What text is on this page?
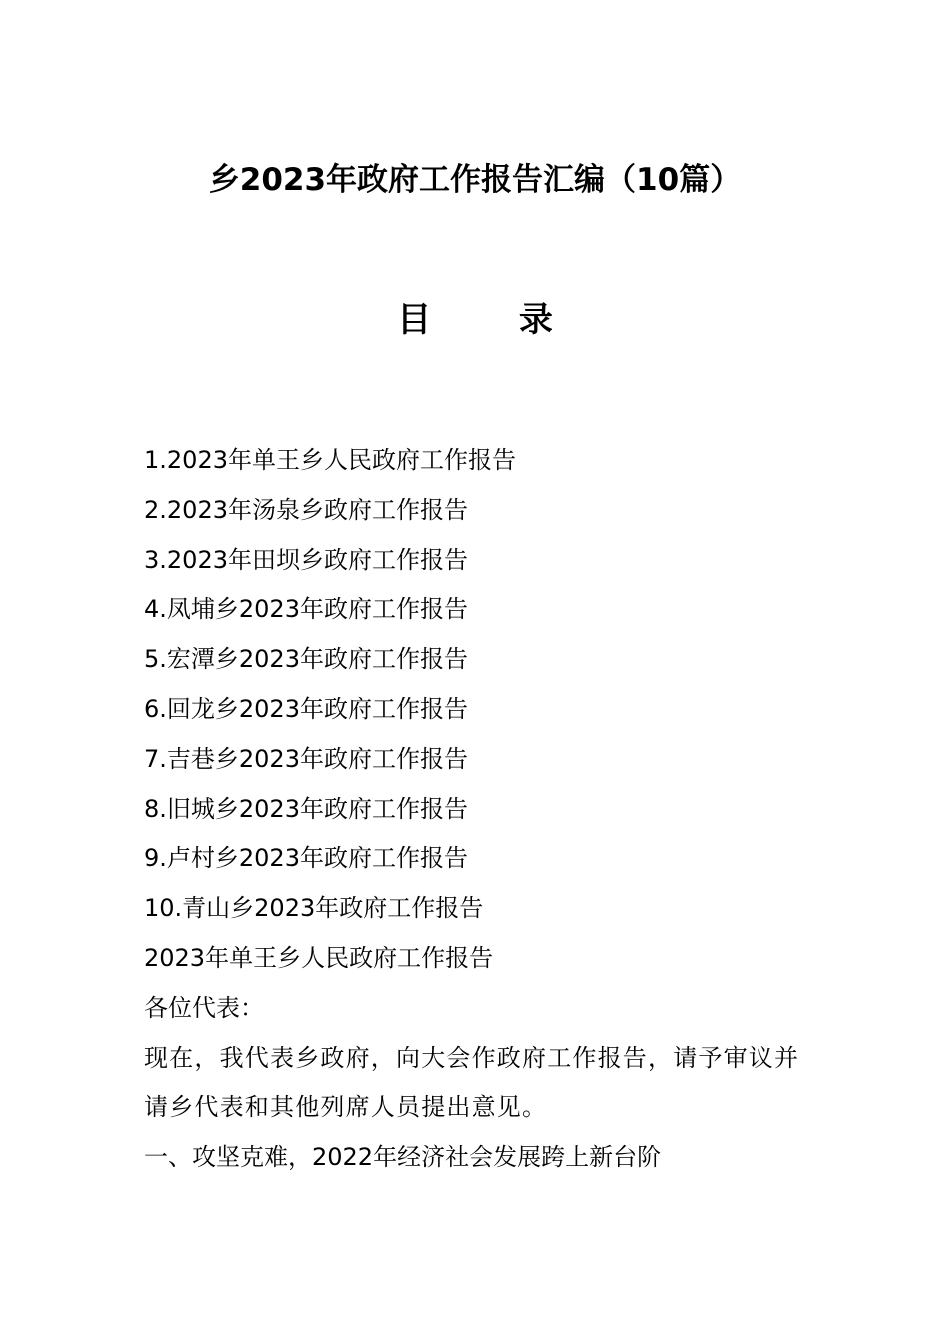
乡2023年政府工作报告汇编（10篇）
目 录
1.2023年单王乡人民政府工作报告
2.2023年汤泉乡政府工作报告
3.2023年田坝乡政府工作报告
4.凤埔乡2023年政府工作报告
5.宏潭乡2023年政府工作报告
6.回龙乡2023年政府工作报告
7.吉巷乡2023年政府工作报告
8.旧城乡2023年政府工作报告
9.卢村乡2023年政府工作报告
10.青山乡2023年政府工作报告

2023年单王乡人民政府工作报告

各位代表：

现在，我代表乡政府，向大会作政府工作报告，请予审议并请乡代表和其他列席人员提出意见。

一、攻坚克难，2022年经济社会发展跨上新台阶
